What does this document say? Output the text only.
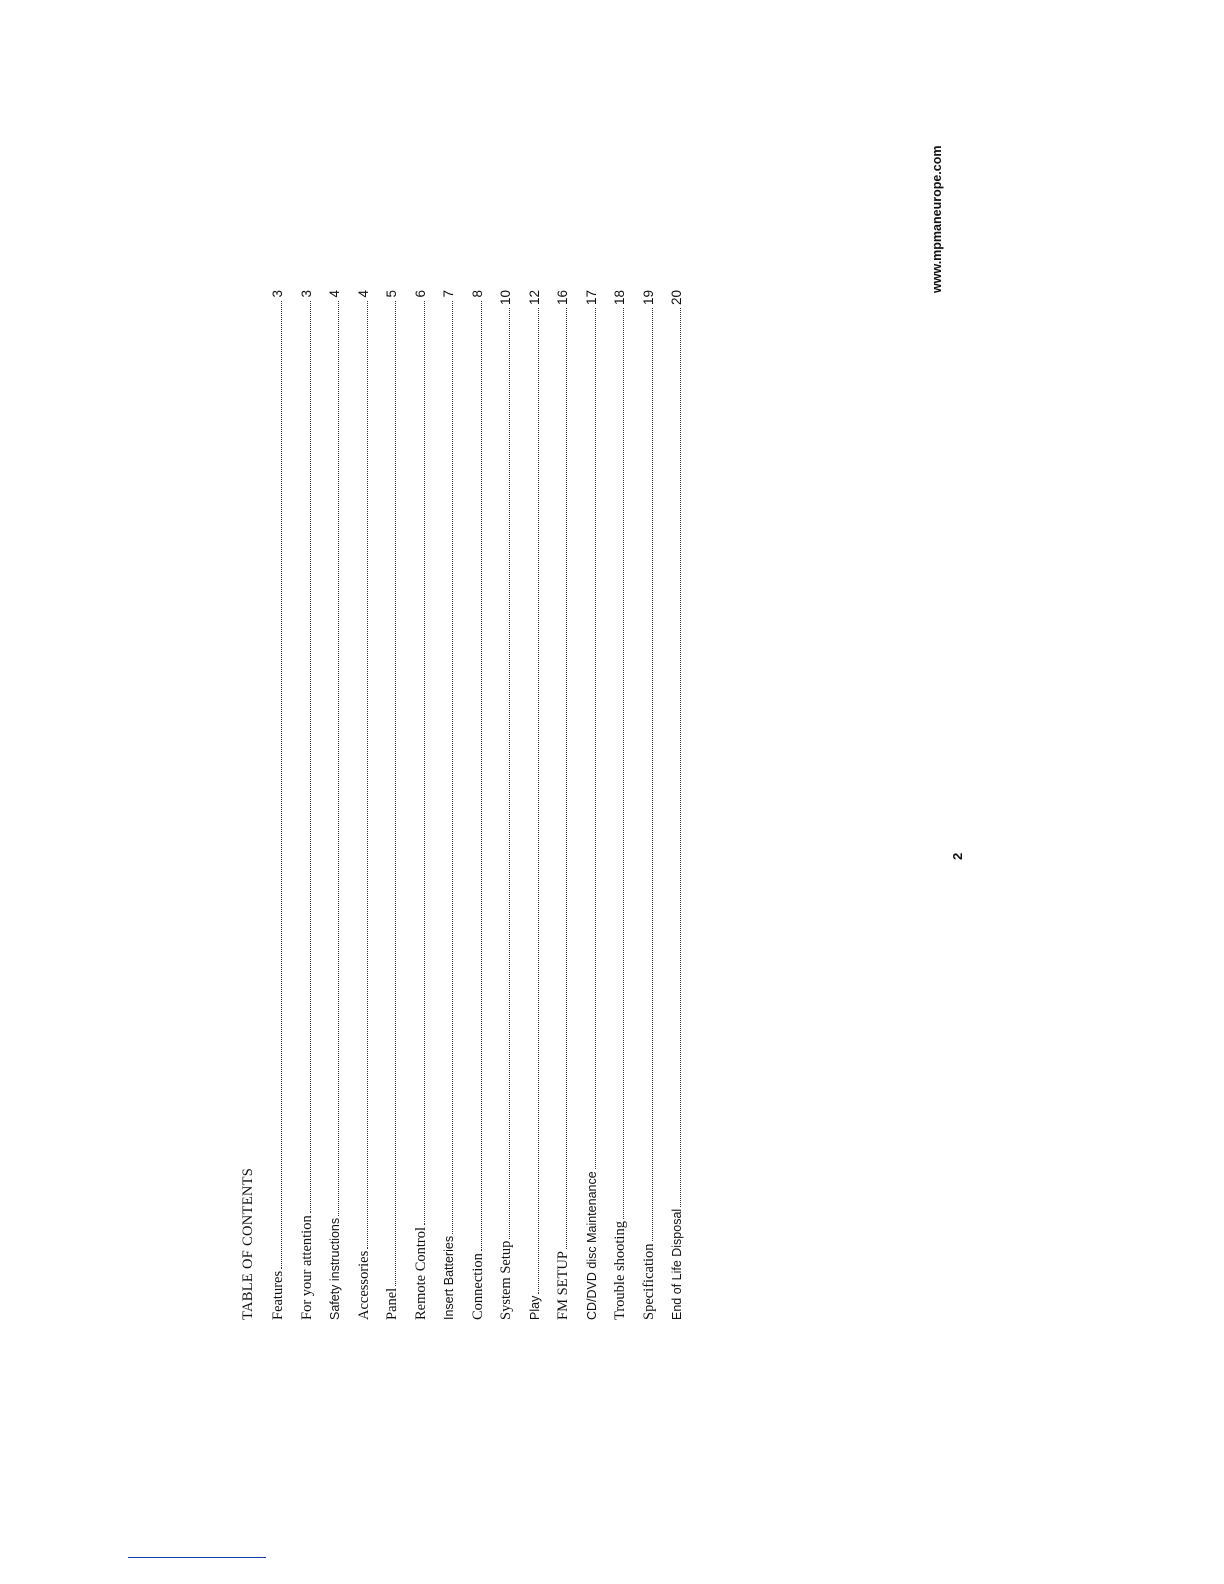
TABLE OF CONTENTS Features
3
For your attention
3
Safety instructions
4
Accessories
4
Panel
5
Remote Control
6
Insert Batteries
7
Connection
8
System Setup
10
Play
12
FM SETUP
16
CD/DVD disc Maintenance
17
Trouble shooting
18
Specification
19
End of Life Disposal
20
2
www.mpmaneurope.com
